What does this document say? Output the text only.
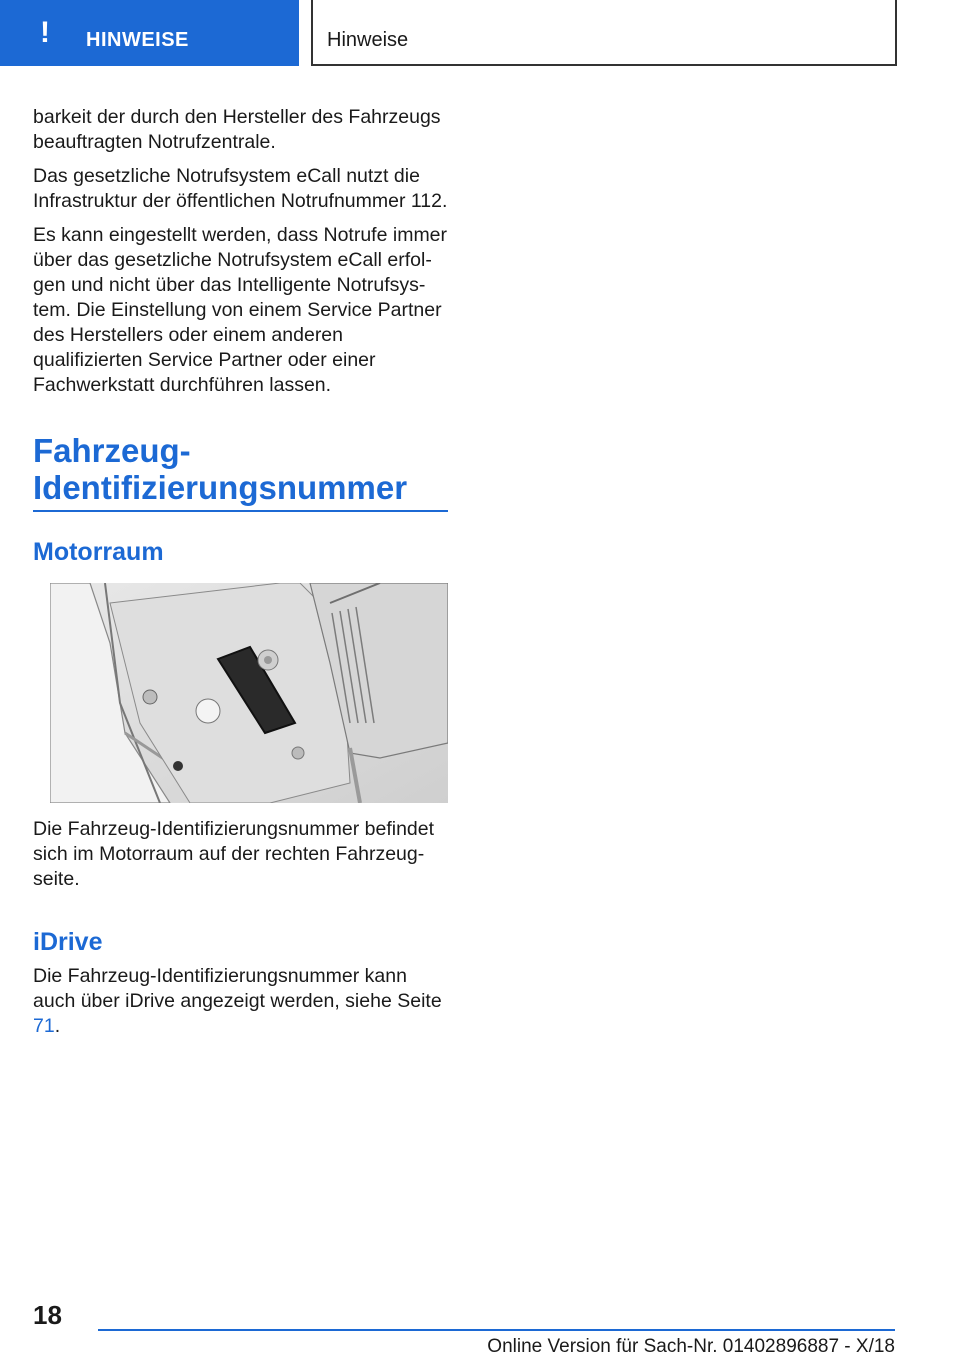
! HINWEISE	Hinweise

barkeit der durch den Hersteller des Fahrzeugs beauftragten Notrufzentrale.

Das gesetzliche Notrufsystem eCall nutzt die Infrastruktur der öffentlichen Notrufnummer 112.

Es kann eingestellt werden, dass Notrufe immer über das gesetzliche Notrufsystem eCall erfolgen und nicht über das Intelligente Notrufsystem. Die Einstellung von einem Service Partner des Herstellers oder einem anderen qualifizierten Service Partner oder einer Fachwerkstatt durchführen lassen.

Fahrzeug-Identifizierungsnummer
Motorraum

Die Fahrzeug-Identifizierungsnummer befindet sich im Motorraum auf der rechten Fahrzeugseite.

iDrive

Die Fahrzeug-Identifizierungsnummer kann auch über iDrive angezeigt werden, siehe Seite 71.

18
Online Version für Sach-Nr. 01402896887 - X/18
